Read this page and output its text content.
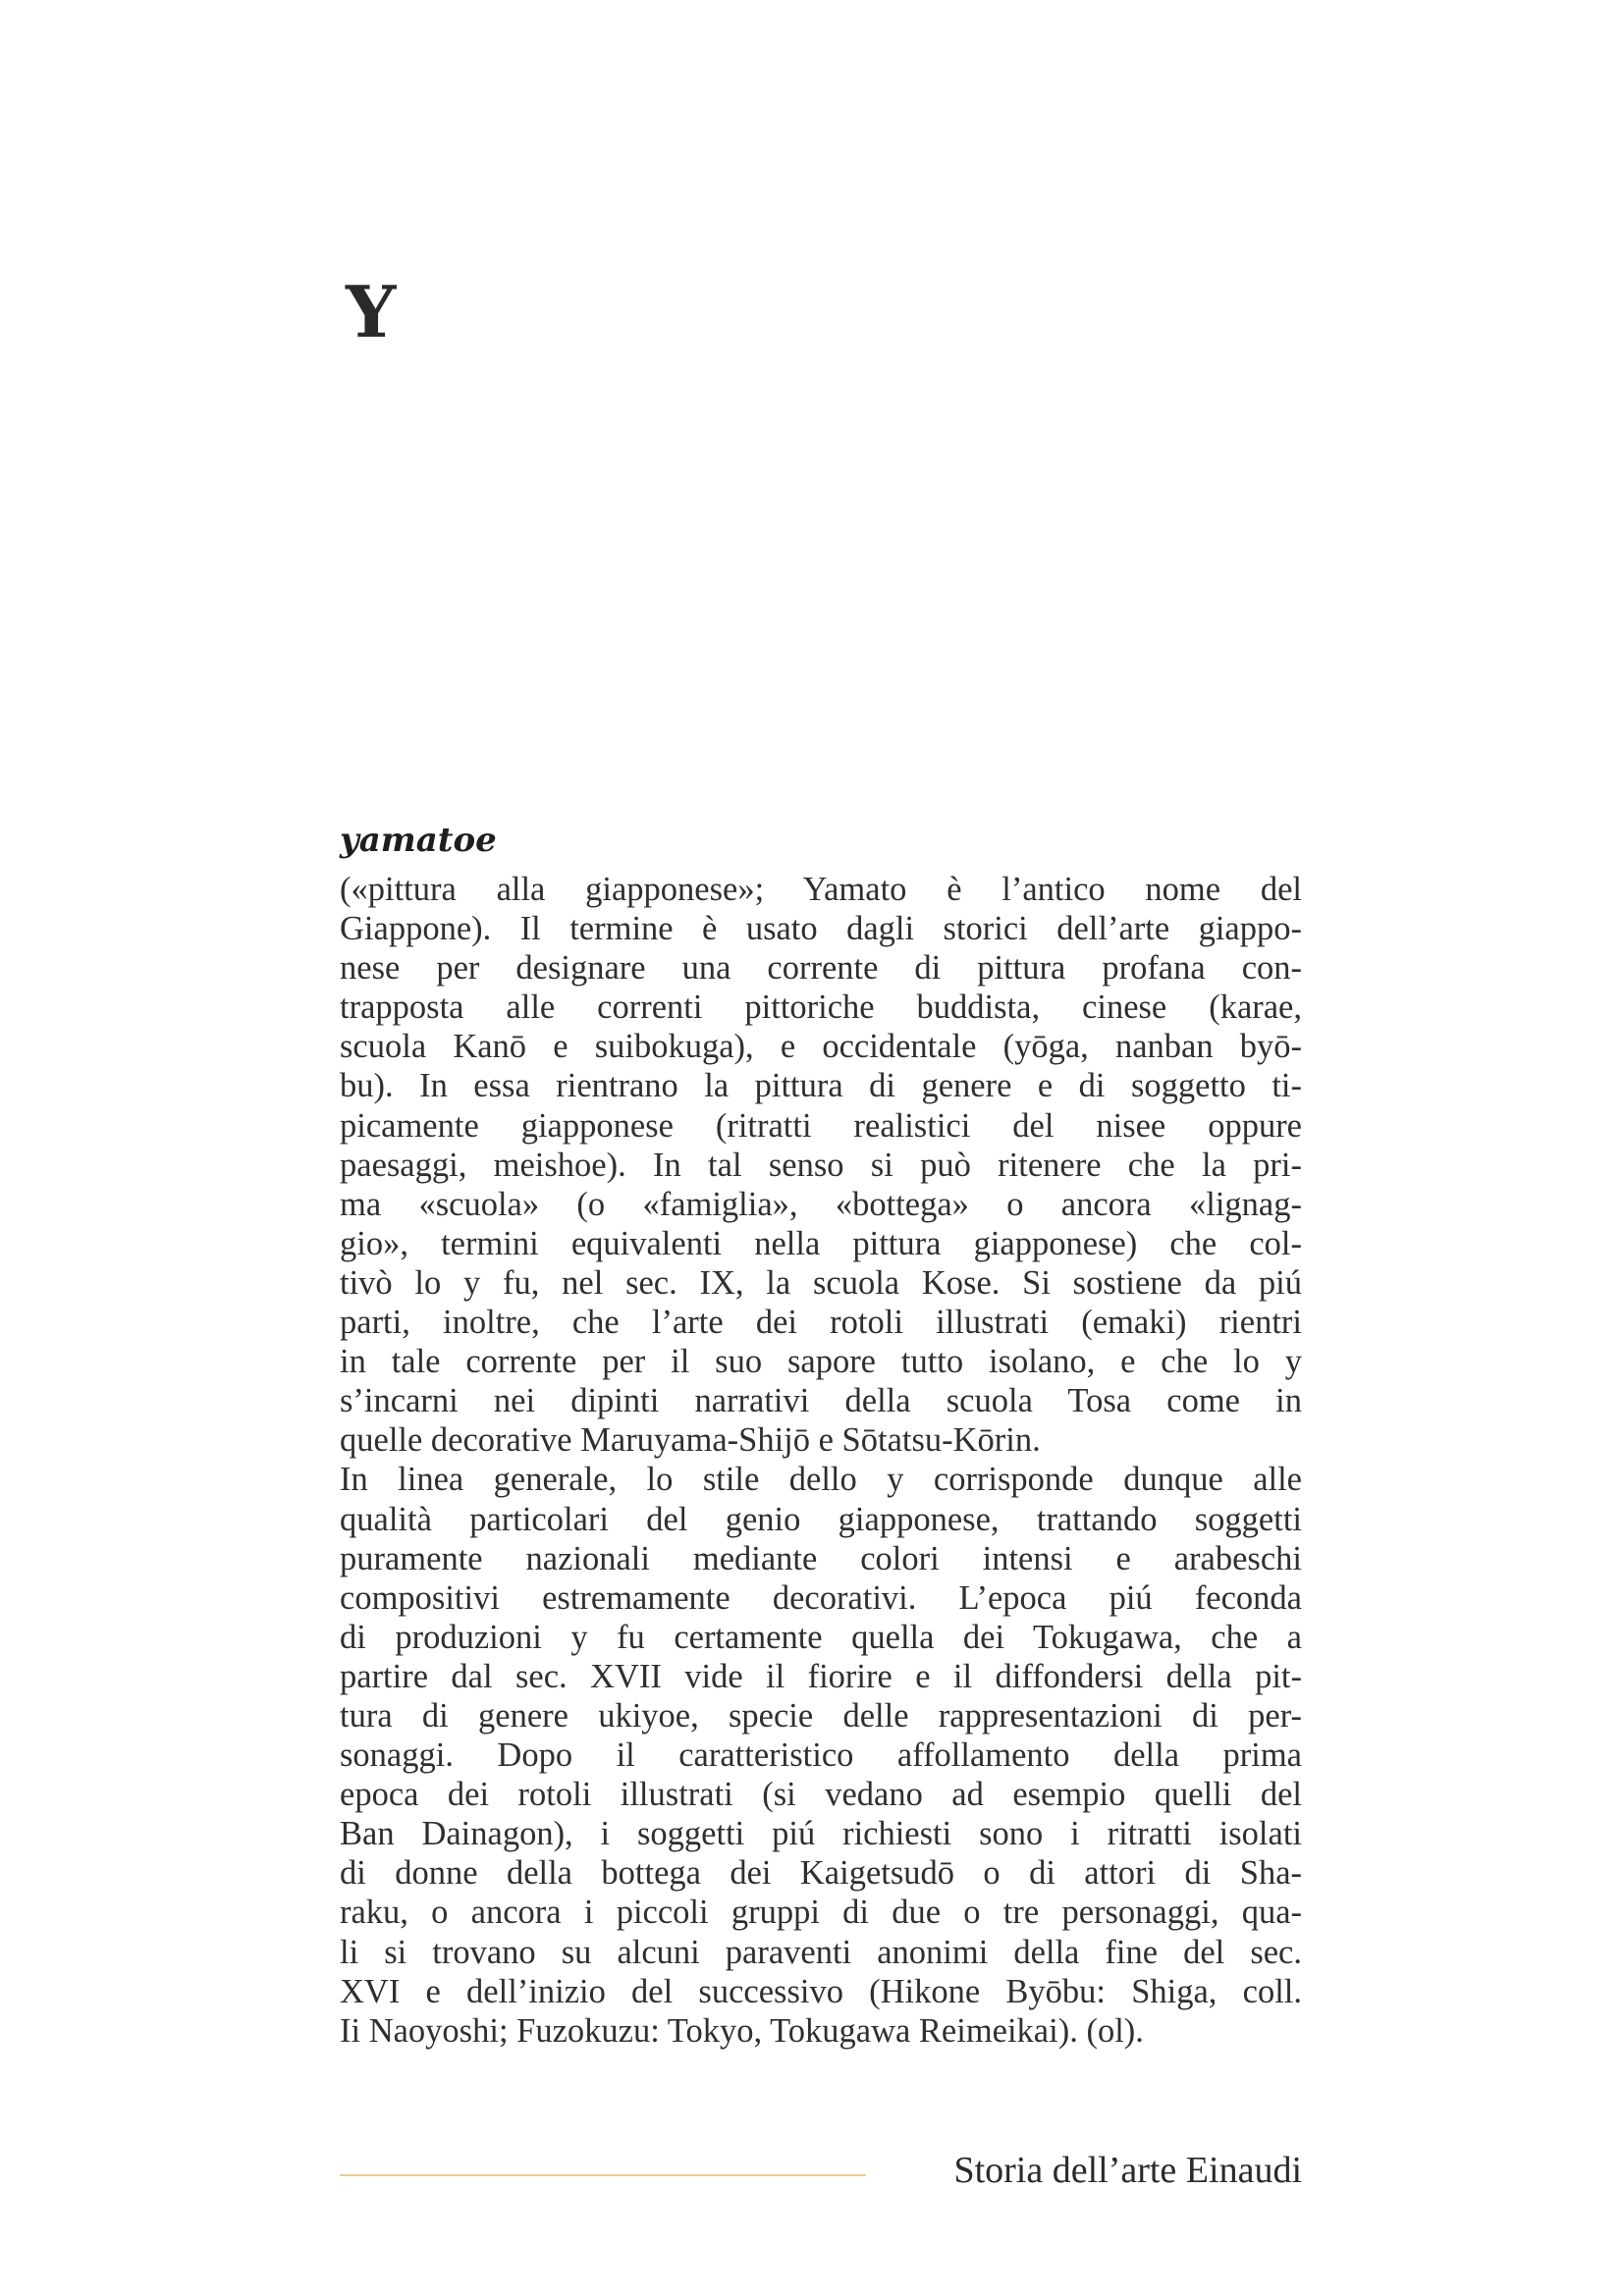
Y
yamatoe
(«pittura alla giapponese»; Yamato è l’antico nome del
Giappone). Il termine è usato dagli storici dell’arte giappo-
nese per designare una corrente di pittura profana con-
trapposta alle correnti pittoriche buddista, cinese (karae,
scuola Kanō e suibokuga), e occidentale (yōga, nanban byō-
bu). In essa rientrano la pittura di genere e di soggetto ti-
picamente giapponese (ritratti realistici del nisee oppure
paesaggi, meishoe). In tal senso si può ritenere che la pri-
ma «scuola» (o «famiglia», «bottega» o ancora «lignag-
gio», termini equivalenti nella pittura giapponese) che col-
tivò lo y fu, nel sec. IX, la scuola Kose. Si sostiene da piú
parti, inoltre, che l’arte dei rotoli illustrati (emaki) rientri
in tale corrente per il suo sapore tutto isolano, e che lo y
s’incarni nei dipinti narrativi della scuola Tosa come in
quelle decorative Maruyama-Shijō e Sōtatsu-Kōrin.
In linea generale, lo stile dello y corrisponde dunque alle
qualità particolari del genio giapponese, trattando soggetti
puramente nazionali mediante colori intensi e arabeschi
compositivi estremamente decorativi. L’epoca piú feconda
di produzioni y fu certamente quella dei Tokugawa, che a
partire dal sec. XVII vide il fiorire e il diffondersi della pit-
tura di genere ukiyoe, specie delle rappresentazioni di per-
sonaggi. Dopo il caratteristico affollamento della prima
epoca dei rotoli illustrati (si vedano ad esempio quelli del
Ban Dainagon), i soggetti piú richiesti sono i ritratti isolati
di donne della bottega dei Kaigetsudō o di attori di Sha-
raku, o ancora i piccoli gruppi di due o tre personaggi, qua-
li si trovano su alcuni paraventi anonimi della fine del sec.
XVI e dell’inizio del successivo (Hikone Byōbu: Shiga, coll.
Ii Naoyoshi; Fuzokuzu: Tokyo, Tokugawa Reimeikai). (ol).
Storia dell’arte Einaudi
